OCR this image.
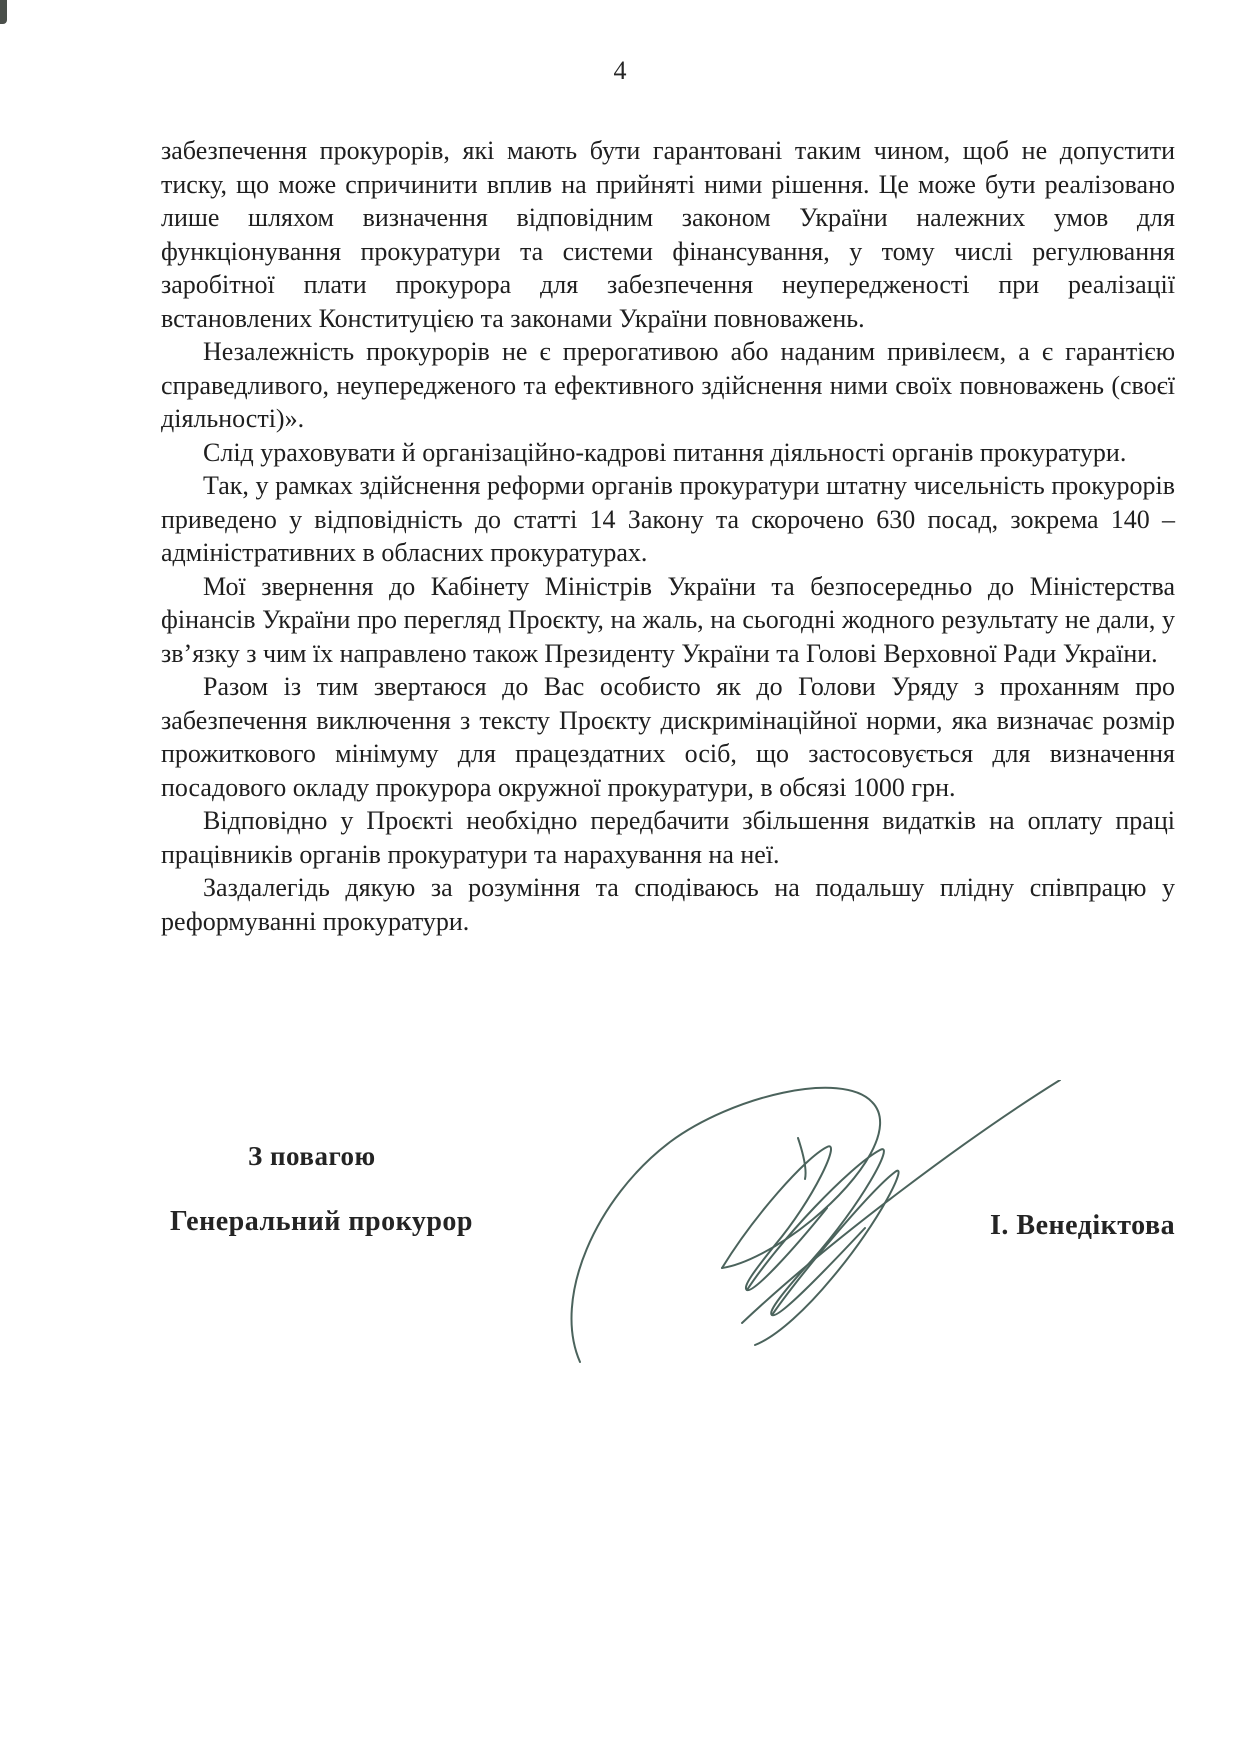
4

забезпечення прокурорів, які мають бути гарантовані таким чином, щоб не допустити тиску, що може спричинити вплив на прийняті ними рішення. Це може бути реалізовано лише шляхом визначення відповідним законом України належних умов для функціонування прокуратури та системи фінансування, у тому числі регулювання заробітної плати прокурора для забезпечення неупередженості при реалізації встановлених Конституцією та законами України повноважень.

Незалежність прокурорів не є прерогативою або наданим привілеєм, а є гарантією справедливого, неупередженого та ефективного здійснення ними своїх повноважень (своєї діяльності)».

Слід ураховувати й організаційно-кадрові питання діяльності органів прокуратури.

Так, у рамках здійснення реформи органів прокуратури штатну чисельність прокурорів приведено у відповідність до статті 14 Закону та скорочено 630 посад, зокрема 140 – адміністративних в обласних прокуратурах.

Мої звернення до Кабінету Міністрів України та безпосередньо до Міністерства фінансів України про перегляд Проєкту, на жаль, на сьогодні жодного результату не дали, у зв’язку з чим їх направлено також Президенту України та Голові Верховної Ради України.

Разом із тим звертаюся до Вас особисто як до Голови Уряду з проханням про забезпечення виключення з тексту Проєкту дискримінаційної норми, яка визначає розмір прожиткового мінімуму для працездатних осіб, що застосовується для визначення посадового окладу прокурора окружної прокуратури, в обсязі 1000 грн.

Відповідно у Проєкті необхідно передбачити збільшення видатків на оплату праці працівників органів прокуратури та нарахування на неї.

Заздалегідь дякую за розуміння та сподіваюсь на подальшу плідну співпрацю у реформуванні прокуратури.

З повагою
Генеральний прокурор	І. Венедіктова
